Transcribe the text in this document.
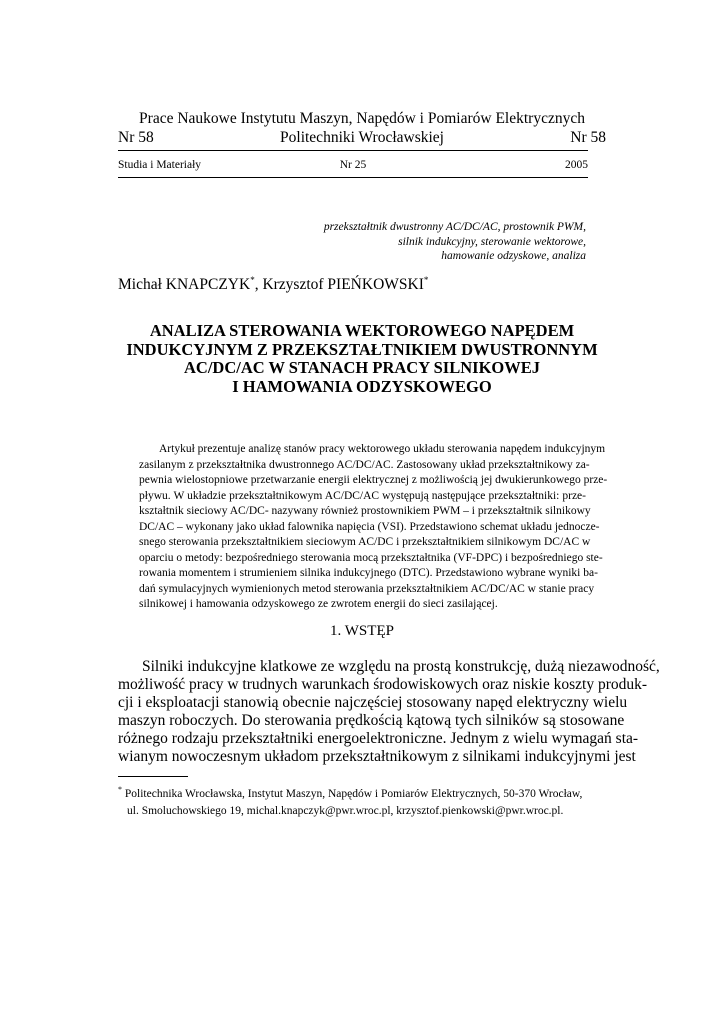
Prace Naukowe Instytutu Maszyn, Napędów i Pomiarów Elektrycznych
Nr 58	Politechniki Wrocławskiej	Nr 58
Studia i Materiały	Nr 25	2005
przekształtnik dwustronny AC/DC/AC, prostownik PWM,
silnik indukcyjny, sterowanie wektorowe,
hamowanie odzyskowe, analiza
Michał KNAPCZYK*, Krzysztof PIEŃKOWSKI*
ANALIZA STEROWANIA WEKTOROWEGO NAPĘDEM
INDUKCYJNYM Z PRZEKSZTAŁTNIKIEM DWUSTRONNYM
AC/DC/AC W STANACH PRACY SILNIKOWEJ
I HAMOWANIA ODZYSKOWEGO
Artykuł prezentuje analizę stanów pracy wektorowego układu sterowania napędem indukcyjnym
zasilanym z przekształtnika dwustronnego AC/DC/AC. Zastosowany układ przekształtnikowy za-
pewnia wielostopniowe przetwarzanie energii elektrycznej z możliwością jej dwukierunkowego prze-
pływu. W układzie przekształtnikowym AC/DC/AC występują następujące przekształtniki: prze-
kształtnik sieciowy AC/DC- nazywany również prostownikiem PWM – i przekształtnik silnikowy
DC/AC – wykonany jako układ falownika napięcia (VSI). Przedstawiono schemat układu jednocze-
snego sterowania przekształtnikiem sieciowym AC/DC i przekształtnikiem silnikowym DC/AC w
oparciu o metody: bezpośredniego sterowania mocą przekształtnika (VF-DPC) i bezpośredniego ste-
rowania momentem i strumieniem silnika indukcyjnego (DTC). Przedstawiono wybrane wyniki ba-
dań symulacyjnych wymienionych metod sterowania przekształtnikiem AC/DC/AC w stanie pracy
silnikowej i hamowania odzyskowego ze zwrotem energii do sieci zasilającej.
1. WSTĘP
Silniki indukcyjne klatkowe ze względu na prostą konstrukcję, dużą niezawodność,
możliwość pracy w trudnych warunkach środowiskowych oraz niskie koszty produk-
cji i eksploatacji stanowią obecnie najczęściej stosowany napęd elektryczny wielu
maszyn roboczych. Do sterowania prędkością kątową tych silników są stosowane
różnego rodzaju przekształtniki energoelektroniczne. Jednym z wielu wymagań sta-
wianym nowoczesnym układom przekształtnikowym z silnikami indukcyjnymi jest
* Politechnika Wrocławska, Instytut Maszyn, Napędów i Pomiarów Elektrycznych, 50-370 Wrocław,
ul. Smoluchowskiego 19, michal.knapczyk@pwr.wroc.pl, krzysztof.pienkowski@pwr.wroc.pl.
